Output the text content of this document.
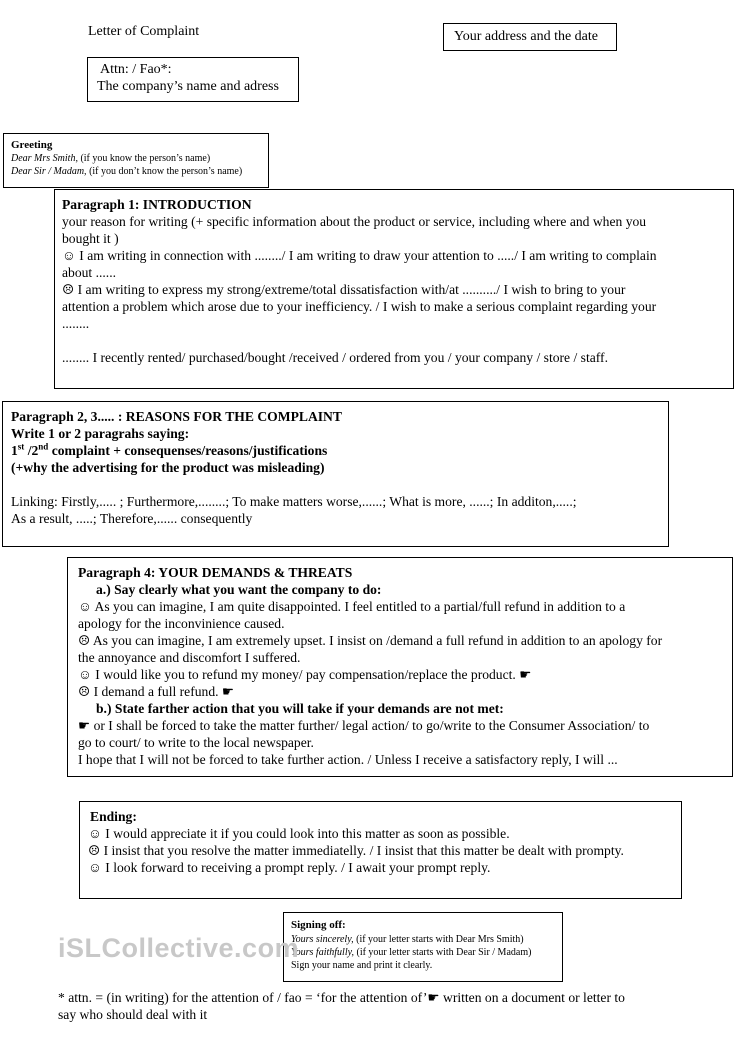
Letter of Complaint	Your address and the date
Attn: / Fao*:
The company’s name and adress
Greeting
Dear Mrs Smith, (if you know the person’s name)
Dear Sir / Madam, (if you don’t know the person’s name)
Paragraph 1: INTRODUCTION
your reason for writing (+ specific information about the product or service, including where and when you
bought it )
☺ I am writing in connection with ......../ I am writing to draw your attention to ...../ I am writing to complain
about ......
☹ I am writing to express my strong/extreme/total dissatisfaction with/at ........../ I wish to bring to your
attention a problem which arose due to your inefficiency. / I wish to make a serious complaint regarding your
........
........ I recently rented/ purchased/bought /received / ordered from you / your company / store / staff.
Paragraph 2, 3..... : REASONS FOR THE COMPLAINT
Write 1 or 2 paragrahs saying:
1st /2nd complaint + consequenses/reasons/justifications
(+why the advertising for the product was misleading)
Linking: Firstly,..... ; Furthermore,........; To make matters worse,......; What is more, ......; In additon,.....;
As a result, .....; Therefore,...... consequently
Paragraph 4: YOUR DEMANDS & THREATS
a.) Say clearly what you want the company to do:
☺ As you can imagine, I am quite disappointed. I feel entitled to a partial/full refund in addition to a
apology for the inconvinience caused.
☹ As you can imagine, I am extremely upset. I insist on /demand a full refund in addition to an apology for
the annoyance and discomfort I suffered.
☺ I would like you to refund my money/ pay compensation/replace the product. ☛
☹ I demand a full refund. ☛
b.) State farther action that you will take if your demands are not met:
☛ or I shall be forced to take the matter further/ legal action/ to go/write to the Consumer Association/ to
go to court/ to write to the local newspaper.
I hope that I will not be forced to take further action. / Unless I receive a satisfactory reply, I will ...
Ending:
☺ I would appreciate it if you could look into this matter as soon as possible.
☹ I insist that you resolve the matter immediatelly. / I insist that this matter be dealt with prompty.
☺ I look forward to receiving a prompt reply. / I await your prompt reply.
Signing off:
Yours sincerely, (if your letter starts with Dear Mrs Smith)
Yours faithfully, (if your letter starts with Dear Sir / Madam)
Sign your name and print it clearly.
iSLCollective.com
* attn. = (in writing) for the attention of / fao = ‘for the attention of’☛ written on a document or letter to
say who should deal with it
